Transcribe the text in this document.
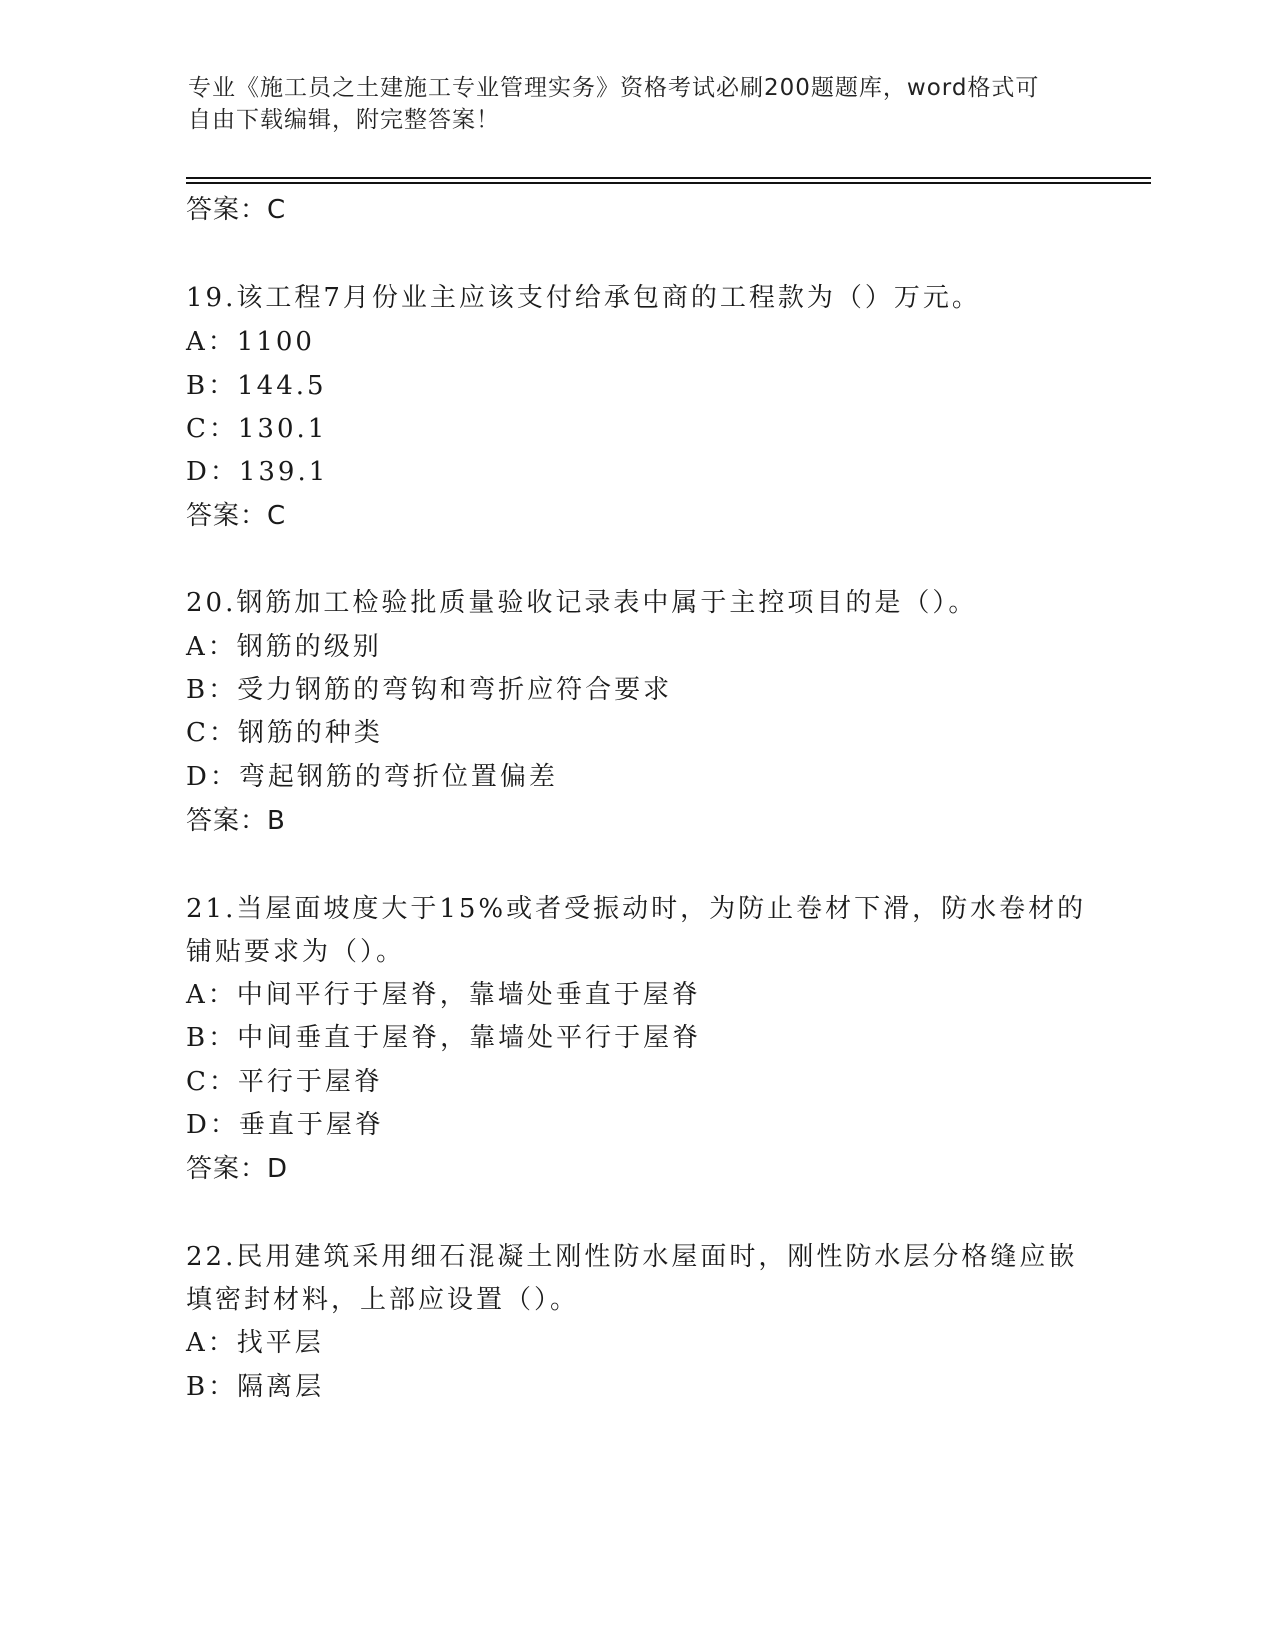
专业《施工员之土建施工专业管理实务》资格考试必刷200题题库，word格式可
自由下载编辑，附完整答案！
答案：C
19.该工程7月份业主应该支付给承包商的工程款为（）万元。
A：1100
B：144.5
C：130.1
D：139.1
答案：C
20.钢筋加工检验批质量验收记录表中属于主控项目的是（）。
A：钢筋的级别
B：受力钢筋的弯钩和弯折应符合要求
C：钢筋的种类
D：弯起钢筋的弯折位置偏差
答案：B
21.当屋面坡度大于15%或者受振动时，为防止卷材下滑，防水卷材的
铺贴要求为（）。
A：中间平行于屋脊，靠墙处垂直于屋脊
B：中间垂直于屋脊，靠墙处平行于屋脊
C：平行于屋脊
D：垂直于屋脊
答案：D
22.民用建筑采用细石混凝土刚性防水屋面时，刚性防水层分格缝应嵌
填密封材料，上部应设置（）。
A：找平层
B：隔离层
